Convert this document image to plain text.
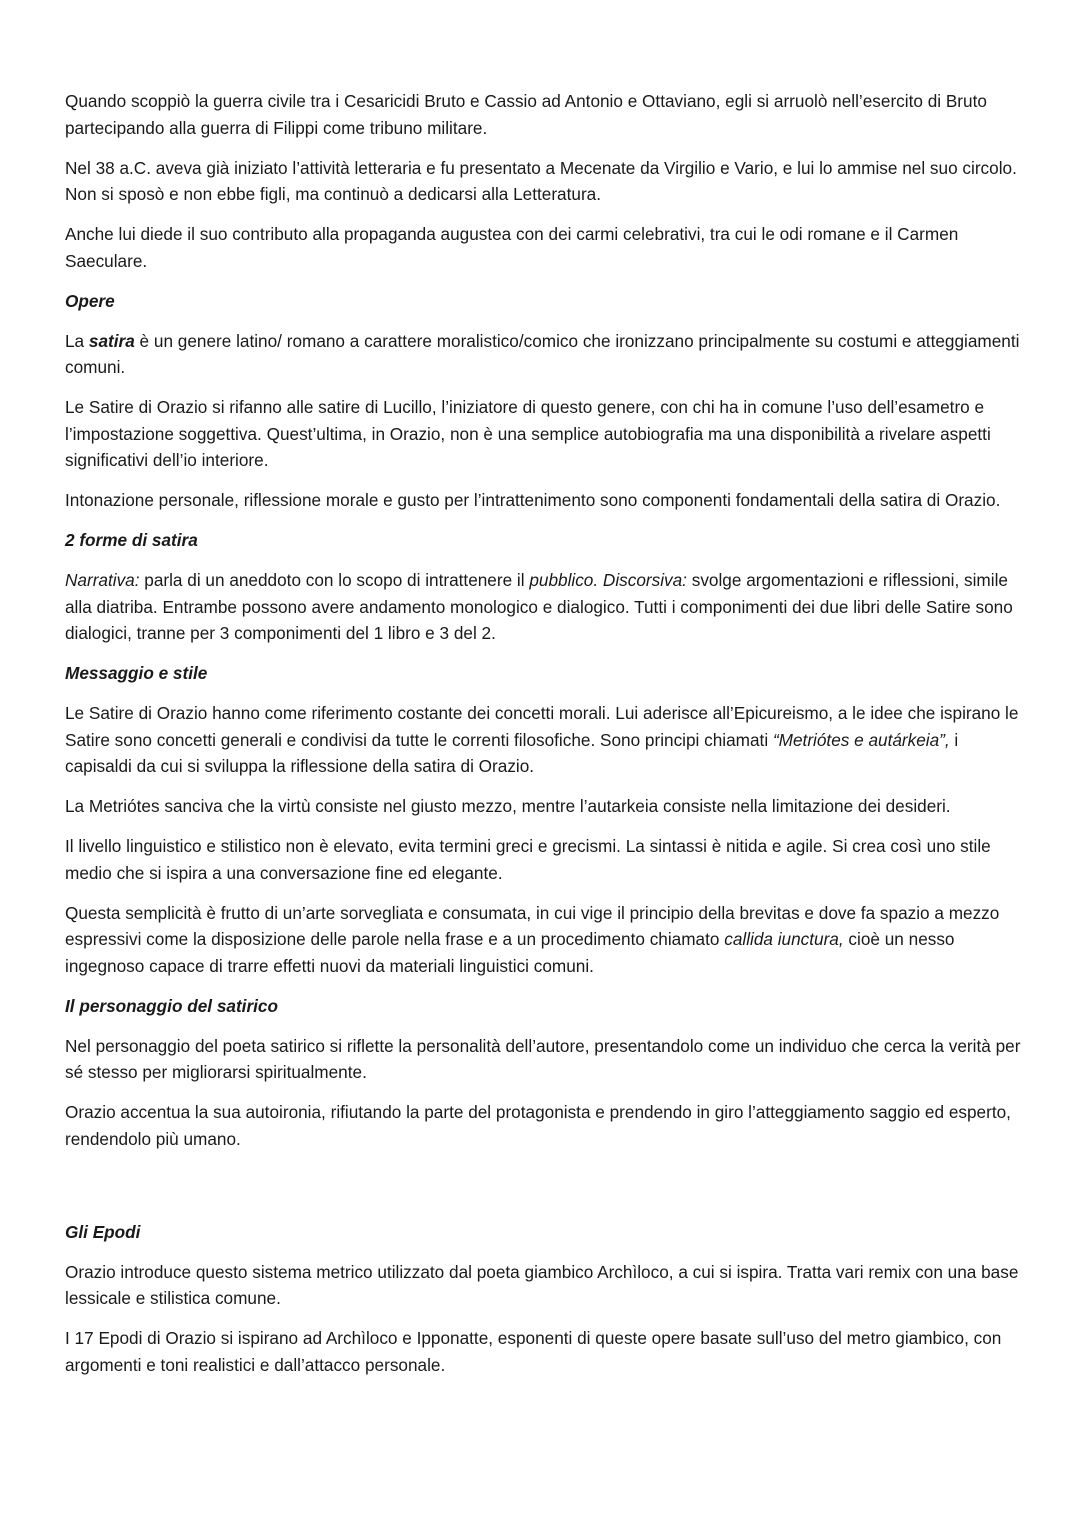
Quando scoppiò la guerra civile tra i Cesaricidi Bruto e Cassio ad Antonio e Ottaviano, egli si arruolò nell’esercito di Bruto partecipando alla guerra di Filippi come tribuno militare.

Nel 38 a.C. aveva già iniziato l’attività letteraria e fu presentato a Mecenate da Virgilio e Vario, e lui lo ammise nel suo circolo. Non si sposò e non ebbe figli, ma continuò a dedicarsi alla Letteratura.

Anche lui diede il suo contributo alla propaganda augustea con dei carmi celebrativi, tra cui le odi romane e il Carmen Saeculare.

Opere

La satira è un genere latino/ romano a carattere moralistico/comico che ironizzano principalmente su costumi e atteggiamenti comuni.

Le Satire di Orazio si rifanno alle satire di Lucillo, l’iniziatore di questo genere, con chi ha in comune l’uso dell’esametro e l’impostazione soggettiva. Quest’ultima, in Orazio, non è una semplice autobiografia ma una disponibilità a rivelare aspetti significativi dell’io interiore.

Intonazione personale, riflessione morale e gusto per l’intrattenimento sono componenti fondamentali della satira di Orazio.

2 forme di satira

Narrativa: parla di un aneddoto con lo scopo di intrattenere il pubblico. Discorsiva: svolge argomentazioni e riflessioni, simile alla diatriba. Entrambe possono avere andamento monologico e dialogico. Tutti i componimenti dei due libri delle Satire sono dialogici, tranne per 3 componimenti del 1 libro e 3 del 2.

Messaggio e stile

Le Satire di Orazio hanno come riferimento costante dei concetti morali. Lui aderisce all’Epicureismo, a le idee che ispirano le Satire sono concetti generali e condivisi da tutte le correnti filosofiche. Sono principi chiamati “Metriótes e autárkeia”, i capisaldi da cui si sviluppa la riflessione della satira di Orazio.

La Metriótes sanciva che la virtù consiste nel giusto mezzo, mentre l’autarkeia consiste nella limitazione dei desideri.

Il livello linguistico e stilistico non è elevato, evita termini greci e grecismi. La sintassi è nitida e agile. Si crea così uno stile medio che si ispira a una conversazione fine ed elegante.

Questa semplicità è frutto di un’arte sorvegliata e consumata, in cui vige il principio della brevitas e dove fa spazio a mezzo espressivi come la disposizione delle parole nella frase e a un procedimento chiamato callida iunctura, cioè un nesso ingegnoso capace di trarre effetti nuovi da materiali linguistici comuni.

Il personaggio del satirico

Nel personaggio del poeta satirico si riflette la personalità dell’autore, presentandolo come un individuo che cerca la verità per sé stesso per migliorarsi spiritualmente.

Orazio accentua la sua autoironia, rifiutando la parte del protagonista e prendendo in giro l’atteggiamento saggio ed esperto, rendendolo più umano.

Gli Epodi

Orazio introduce questo sistema metrico utilizzato dal poeta giambico Archìloco, a cui si ispira. Tratta vari remix con una base lessicale e stilistica comune.

I 17 Epodi di Orazio si ispirano ad Archìloco e Ipponatte, esponenti di queste opere basate sull’uso del metro giambico, con argomenti e toni realistici e dall’attacco personale.
